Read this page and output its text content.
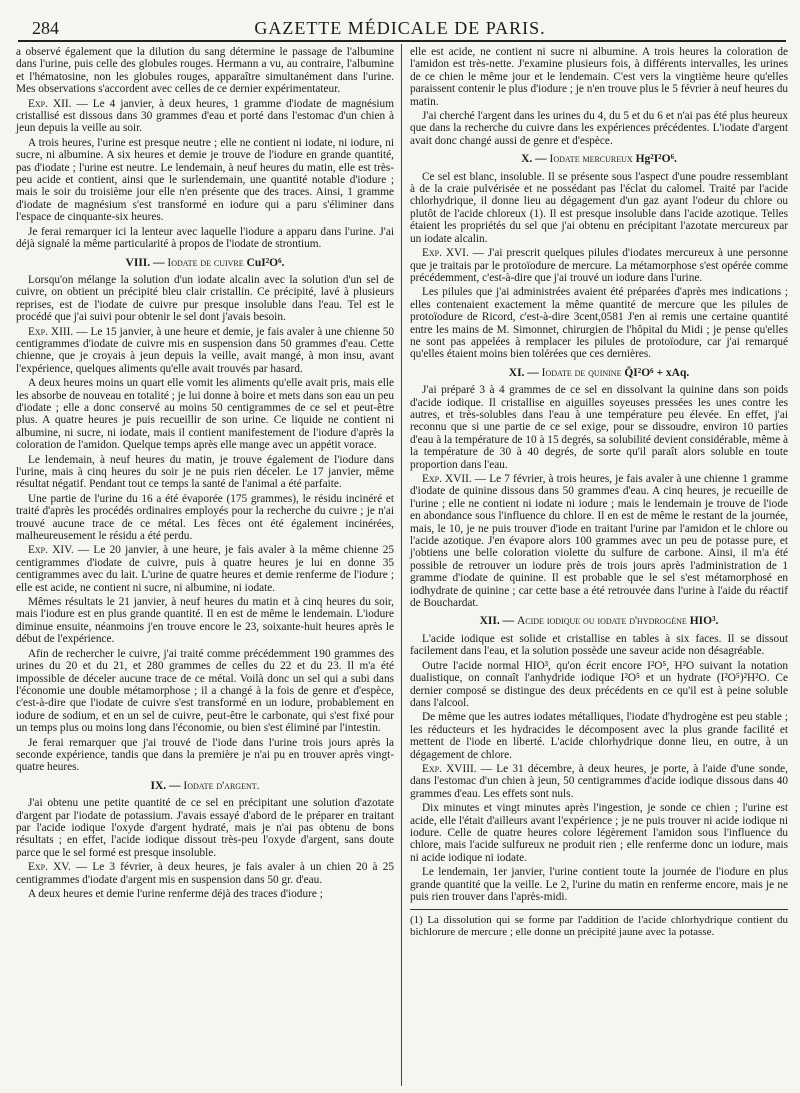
284	GAZETTE MÉDICALE DE PARIS.

a observé également que la dilution du sang détermine le passage de l'albumine dans l'urine, puis celle des globules rouges. Hermann a vu, au contraire, l'albumine et l'hématosine, non les globules rouges, apparaître simultanément dans l'urine. Mes observations s'accordent avec celles de ce dernier expérimentateur.

Exp. XII. — Le 4 janvier, à deux heures, 1 gramme d'iodate de magnésium cristallisé est dissous dans 30 grammes d'eau et porté dans l'estomac d'un chien à jeun depuis la veille au soir.

A trois heures, l'urine est presque neutre ; elle ne contient ni iodate, ni iodure, ni sucre, ni albumine. A six heures et demie je trouve de l'iodure en grande quantité, pas d'iodate ; l'urine est neutre. Le lendemain, à neuf heures du matin, elle est très-peu acide et contient, ainsi que le surlendemain, une quantité notable d'iodure ; mais le soir du troisième jour elle n'en présente que des traces. Ainsi, 1 gramme d'iodate de magnésium s'est transformé en iodure qui a paru s'éliminer dans l'espace de cinquante-six heures.

Je ferai remarquer ici la lenteur avec laquelle l'iodure a apparu dans l'urine. J'ai déjà signalé la même particularité à propos de l'iodate de strontium.

VIII. — Iodate de cuivre CuI²O⁶.

Lorsqu'on mélange la solution d'un iodate alcalin avec la solution d'un sel de cuivre, on obtient un précipité bleu clair cristallin. Ce précipité, lavé à plusieurs reprises, est de l'iodate de cuivre pur presque insoluble dans l'eau. Tel est le procédé que j'ai suivi pour obtenir le sel dont j'avais besoin.

Exp. XIII. — Le 15 janvier, à une heure et demie, je fais avaler à une chienne 50 centigrammes d'iodate de cuivre mis en suspension dans 50 grammes d'eau. Cette chienne, que je croyais à jeun depuis la veille, avait mangé, à mon insu, avant l'expérience, quelques aliments qu'elle avait trouvés par hasard.

A deux heures moins un quart elle vomit les aliments qu'elle avait pris, mais elle les absorbe de nouveau en totalité ; je lui donne à boire et mets dans son eau un peu d'iodate ; elle a donc conservé au moins 50 centigrammes de ce sel et peut-être plus. A quatre heures je puis recueillir de son urine. Ce liquide ne contient ni albumine, ni sucre, ni iodate, mais il contient manifestement de l'iodure d'après la coloration de l'amidon. Quelque temps après elle mange avec un appétit vorace.

Le lendemain, à neuf heures du matin, je trouve également de l'iodure dans l'urine, mais à cinq heures du soir je ne puis rien déceler. Le 17 janvier, même résultat négatif. Pendant tout ce temps la santé de l'animal a été parfaite.

Une partie de l'urine du 16 a été évaporée (175 grammes), le résidu incinéré et traité d'après les procédés ordinaires employés pour la recherche du cuivre ; je n'ai trouvé aucune trace de ce métal. Les fèces ont été également incinérées, malheureusement le résidu a été perdu.

Exp. XIV. — Le 20 janvier, à une heure, je fais avaler à la même chienne 25 centigrammes d'iodate de cuivre, puis à quatre heures je lui en donne 35 centigrammes avec du lait. L'urine de quatre heures et demie renferme de l'iodure ; elle est acide, ne contient ni sucre, ni albumine, ni iodate.

Mêmes résultats le 21 janvier, à neuf heures du matin et à cinq heures du soir, mais l'iodure est en plus grande quantité. Il en est de même le lendemain. L'iodure diminue ensuite, néanmoins j'en trouve encore le 23, soixante-huit heures après le début de l'expérience.

Afin de rechercher le cuivre, j'ai traité comme précédemment 190 grammes des urines du 20 et du 21, et 280 grammes de celles du 22 et du 23. Il m'a été impossible de déceler aucune trace de ce métal. Voilà donc un sel qui a subi dans l'économie une double métamorphose ; il a changé à la fois de genre et d'espèce, c'est-à-dire que l'iodate de cuivre s'est transformé en un iodure, probablement en iodure de sodium, et en un sel de cuivre, peut-être le carbonate, qui s'est fixé pour un temps plus ou moins long dans l'économie, ou bien s'est éliminé par l'intestin.

Je ferai remarquer que j'ai trouvé de l'iode dans l'urine trois jours après la seconde expérience, tandis que dans la première je n'ai pu en trouver après vingt-quatre heures.

IX. — Iodate d'argent.

J'ai obtenu une petite quantité de ce sel en précipitant une solution d'azotate d'argent par l'iodate de potassium. J'avais essayé d'abord de le préparer en traitant par l'acide iodique l'oxyde d'argent hydraté, mais je n'ai pas obtenu de bons résultats ; en effet, l'acide iodique dissout très-peu l'oxyde d'argent, sans doute parce que le sel formé est presque insoluble.

Exp. XV. — Le 3 février, à deux heures, je fais avaler à un chien 20 à 25 centigrammes d'iodate d'argent mis en suspension dans 50 gr. d'eau.

A deux heures et demie l'urine renferme déjà des traces d'iodure ;

elle est acide, ne contient ni sucre ni albumine. A trois heures la coloration de l'amidon est très-nette. J'examine plusieurs fois, à différents intervalles, les urines de ce chien le même jour et le lendemain. C'est vers la vingtième heure qu'elles paraissent contenir le plus d'iodure ; je n'en trouve plus le 5 février à neuf heures du matin.

J'ai cherché l'argent dans les urines du 4, du 5 et du 6 et n'ai pas été plus heureux que dans la recherche du cuivre dans les expériences précédentes. L'iodate d'argent avait donc changé aussi de genre et d'espèce.

X. — Iodate mercureux Hg²I²O⁶.

Ce sel est blanc, insoluble. Il se présente sous l'aspect d'une poudre ressemblant à de la craie pulvérisée et ne possédant pas l'éclat du calomel. Traité par l'acide chlorhydrique, il donne lieu au dégagement d'un gaz ayant l'odeur du chlore ou plutôt de l'acide chloreux (1). Il est presque insoluble dans l'acide azotique. Telles étaient les propriétés du sel que j'ai obtenu en précipitant l'azotate mercureux par un iodate alcalin.

Exp. XVI. — J'ai prescrit quelques pilules d'iodates mercureux à une personne que je traitais par le protoïodure de mercure. La métamorphose s'est opérée comme précédemment, c'est-à-dire que j'ai trouvé un iodure dans l'urine.

Les pilules que j'ai administrées avaient été préparées d'après mes indications ; elles contenaient exactement la même quantité de mercure que les pilules de protoïodure de Ricord, c'est-à-dire 3cent,0581 J'en ai remis une certaine quantité entre les mains de M. Simonnet, chirurgien de l'hôpital du Midi ; je pense qu'elles ne sont pas appelées à remplacer les pilules de protoïodure, car j'ai remarqué qu'elles étaient moins bien tolérées que ces dernières.

XI. — Iodate de quinine Q̄I²O⁶ + xAq.

J'ai préparé 3 à 4 grammes de ce sel en dissolvant la quinine dans son poids d'acide iodique. Il cristallise en aiguilles soyeuses pressées les unes contre les autres, et très-solubles dans l'eau à une température peu élevée. En effet, j'ai reconnu que si une partie de ce sel exige, pour se dissoudre, environ 10 parties d'eau à la température de 10 à 15 degrés, sa solubilité devient considérable, même à la température de 30 à 40 degrés, de sorte qu'il paraît alors soluble en toute proportion dans l'eau.

Exp. XVII. — Le 7 février, à trois heures, je fais avaler à une chienne 1 gramme d'iodate de quinine dissous dans 50 grammes d'eau. A cinq heures, je recueille de l'urine ; elle ne contient ni iodate ni iodure ; mais le lendemain je trouve de l'iode en abondance sous l'influence du chlore. Il en est de même le restant de la journée, mais, le 10, je ne puis trouver d'iode en traitant l'urine par l'amidon et le chlore ou l'acide azotique. J'en évapore alors 100 grammes avec un peu de potasse pure, et j'obtiens une belle coloration violette du sulfure de carbone. Ainsi, il m'a été possible de retrouver un iodure près de trois jours après l'administration de 1 gramme d'iodate de quinine. Il est probable que le sel s'est métamorphosé en iodhydrate de quinine ; car cette base a été retrouvée dans l'urine à l'aide du réactif de Bouchardat.

XII. — Acide iodique ou iodate d'hydrogène HIO³.

L'acide iodique est solide et cristallise en tables à six faces. Il se dissout facilement dans l'eau, et la solution possède une saveur acide non désagréable.

Outre l'acide normal HIO³, qu'on écrit encore I²O⁵, H²O suivant la notation dualistique, on connaît l'anhydride iodique I²O⁵ et un hydrate (I²O⁵)²H²O. Ce dernier composé se distingue des deux précédents en ce qu'il est à peine soluble dans l'alcool.

De même que les autres iodates métalliques, l'iodate d'hydrogène est peu stable ; les réducteurs et les hydracides le décomposent avec la plus grande facilité et mettent de l'iode en liberté. L'acide chlorhydrique donne lieu, en outre, à un dégagement de chlore.

Exp. XVIII. — Le 31 décembre, à deux heures, je porte, à l'aide d'une sonde, dans l'estomac d'un chien à jeun, 50 centigrammes d'acide iodique dissous dans 40 grammes d'eau. Les effets sont nuls.

Dix minutes et vingt minutes après l'ingestion, je sonde ce chien ; l'urine est acide, elle l'était d'ailleurs avant l'expérience ; je ne puis trouver ni acide iodique ni iodure. Celle de quatre heures colore légèrement l'amidon sous l'influence du chlore, mais l'acide sulfureux ne produit rien ; elle renferme donc un iodure, mais ni acide iodique ni iodate.

Le lendemain, 1er janvier, l'urine contient toute la journée de l'iodure en plus grande quantité que la veille. Le 2, l'urine du matin en renferme encore, mais je ne puis rien trouver dans l'après-midi.

(1) La dissolution qui se forme par l'addition de l'acide chlorhydrique contient du bichlorure de mercure ; elle donne un précipité jaune avec la potasse.
